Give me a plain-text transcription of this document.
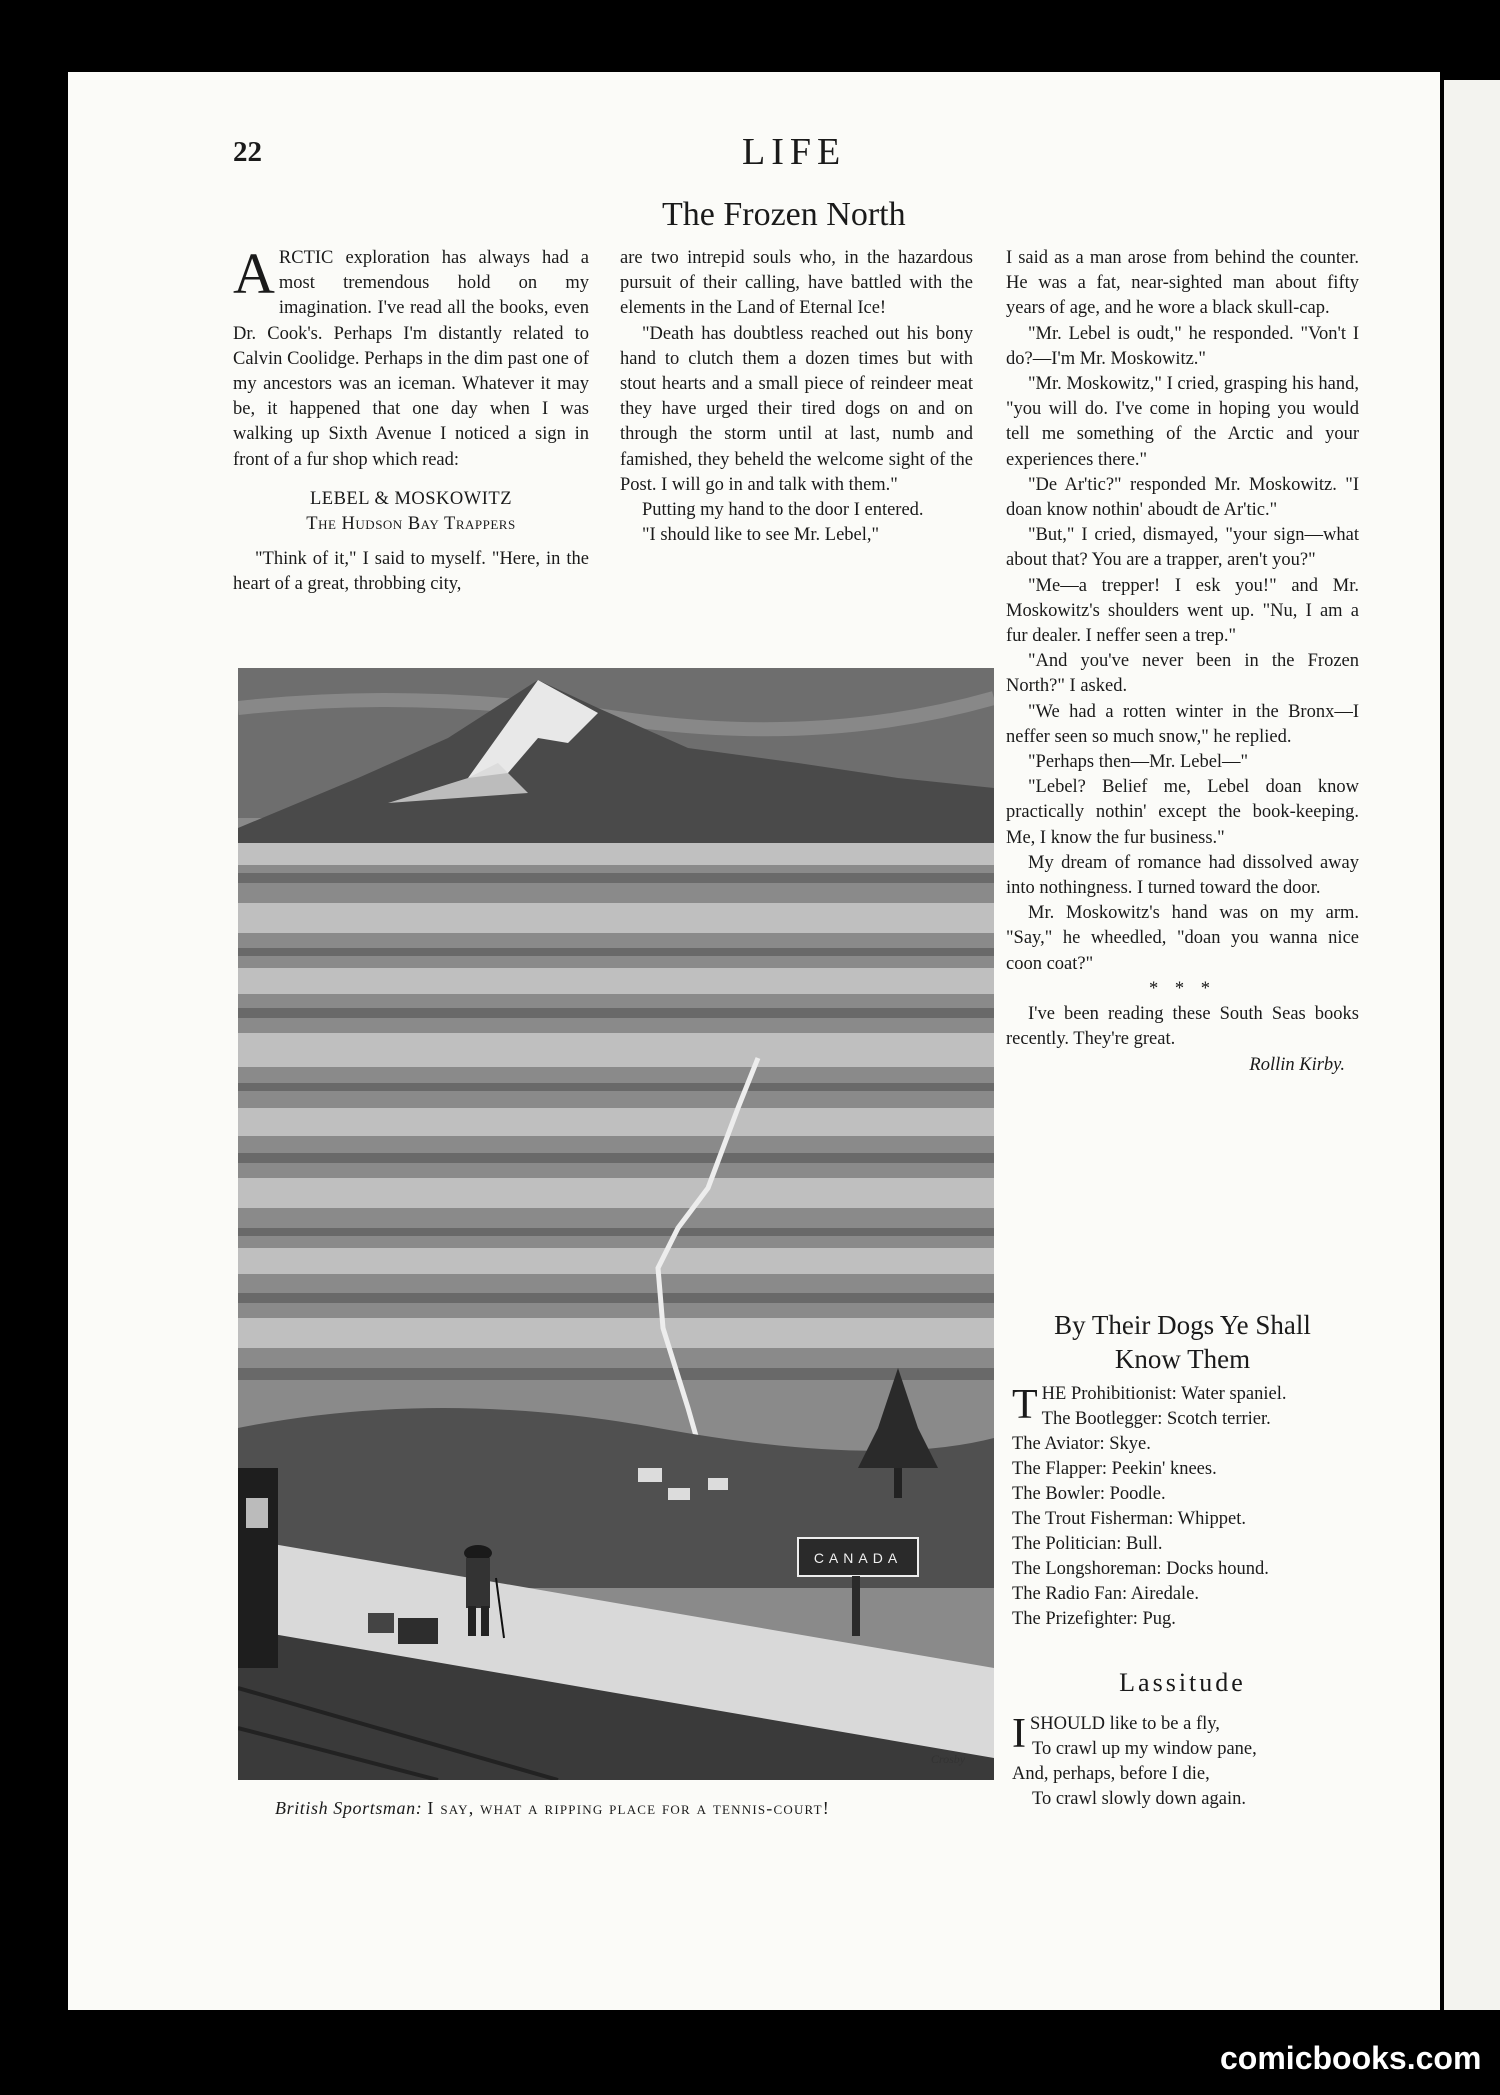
22	LIFE
The Frozen North

ARCTIC exploration has always had a most tremendous hold on my imagination. I've read all the books, even Dr. Cook's. Perhaps I'm distantly related to Calvin Coolidge. Perhaps in the dim past one of my ancestors was an iceman. Whatever it may be, it happened that one day when I was walking up Sixth Avenue I noticed a sign in front of a fur shop which read:

LEBEL & MOSKOWITZ
The Hudson Bay Trappers

"Think of it," I said to myself. "Here, in the heart of a great, throbbing city,

are two intrepid souls who, in the hazardous pursuit of their calling, have battled with the elements in the Land of Eternal Ice!

"Death has doubtless reached out his bony hand to clutch them a dozen times but with stout hearts and a small piece of reindeer meat they have urged their tired dogs on and on through the storm until at last, numb and famished, they beheld the welcome sight of the Post. I will go in and talk with them."

Putting my hand to the door I entered.

"I should like to see Mr. Lebel,"

I said as a man arose from behind the counter. He was a fat, near-sighted man about fifty years of age, and he wore a black skull-cap.

"Mr. Lebel is oudt," he responded. "Von't I do?—I'm Mr. Moskowitz."

"Mr. Moskowitz," I cried, grasping his hand, "you will do. I've come in hoping you would tell me something of the Arctic and your experiences there."

"De Ar'tic?" responded Mr. Moskowitz. "I doan know nothin' aboudt de Ar'tic."

"But," I cried, dismayed, "your sign—what about that? You are a trapper, aren't you?"

"Me—a trepper! I esk you!" and Mr. Moskowitz's shoulders went up. "Nu, I am a fur dealer. I neffer seen a trep."

"And you've never been in the Frozen North?" I asked.

"We had a rotten winter in the Bronx—I neffer seen so much snow," he replied.

"Perhaps then—Mr. Lebel—"

"Lebel? Belief me, Lebel doan know practically nothin' except the book-keeping. Me, I know the fur business."

My dream of romance had dissolved away into nothingness. I turned toward the door.

Mr. Moskowitz's hand was on my arm. "Say," he wheedled, "doan you wanna nice coon coat?"

* * *

I've been reading these South Seas books recently. They're great.

Rollin Kirby.
CANADA
Crosby
British Sportsman: I say, what a ripping place for a tennis-court!
By Their Dogs Ye Shall
Know Them
THE Prohibitionist: Water spaniel.
The Bootlegger: Scotch terrier.
The Aviator: Skye.
The Flapper: Peekin' knees.
The Bowler: Poodle.
The Trout Fisherman: Whippet.
The Politician: Bull.
The Longshoreman: Docks hound.
The Radio Fan: Airedale.
The Prizefighter: Pug.
Lassitude
ISHOULD like to be a fly,
To crawl up my window pane,
And, perhaps, before I die,
To crawl slowly down again.
comicbooks.com
